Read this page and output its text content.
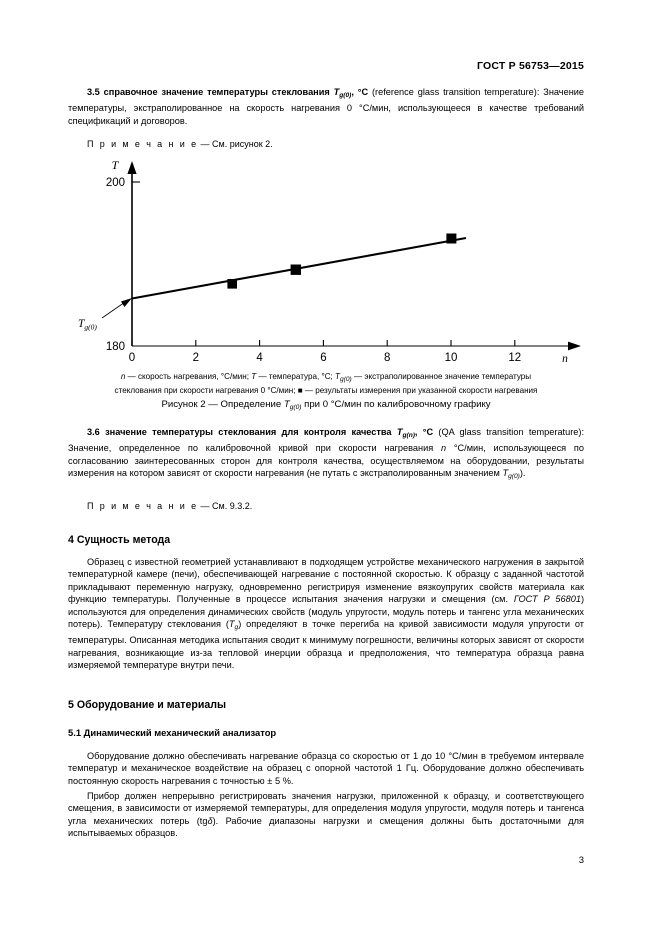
ГОСТ Р 56753—2015

3.5 справочное значение температуры стеклования $T_{g(0)}$, °C (reference glass transition temperature): Значение температуры, экстраполированное на скорость нагревания 0 °С/мин, использующееся в качестве требований спецификаций и договоров.

П р и м е ч а н и е — См. рисунок 2.

0	2	4	6	8	10	12	n
T
200
180
$T_{g(0)}$

n — скорость нагревания, °С/мин; T — температура, °С; $T_{g(0)}$ — экстраполированное значение температуры

стеклования при скорости нагревания 0 °С/мин; ■ — результаты измерения при указанной скорости нагревания

Рисунок 2 — Определение $T_{g(0)}$ при 0 °С/мин по калибровочному графику

3.6 значение температуры стеклования для контроля качества $T_{g(n)}$, °C (QA glass transition temperature): Значение, определенное по калибровочной кривой при скорости нагревания n °С/мин, использующееся по согласованию заинтересованных сторон для контроля качества, осуществляемом на оборудовании, результаты измерения на котором зависят от скорости нагревания (не путать с экстраполированным значением $T_{g(0)}$).

П р и м е ч а н и е — См. 9.3.2.

4 Сущность метода

Образец с известной геометрией устанавливают в подходящем устройстве механического нагружения в закрытой температурной камере (печи), обеспечивающей нагревание с постоянной скоростью. К образцу с заданной частотой прикладывают переменную нагрузку, одновременно регистрируя изменение вязкоупругих свойств материала как функцию температуры. Полученные в процессе испытания значения нагрузки и смещения (см. ГОСТ Р 56801) используются для определения динамических свойств (модуль упругости, модуль потерь и тангенс угла механических потерь). Температуру стеклования $(T_g)$ определяют в точке перегиба на кривой зависимости модуля упругости от температуры. Описанная методика испытания сводит к минимуму погрешности, величины которых зависят от скорости нагревания, возникающие из-за тепловой инерции образца и предположения, что температура образца равна измеряемой температуре внутри печи.

5 Оборудование и материалы
5.1 Динамический механический анализатор

Оборудование должно обеспечивать нагревание образца со скоростью от 1 до 10 °С/мин в требуемом интервале температур и механическое воздействие на образец с опорной частотой 1 Гц. Оборудование должно обеспечивать постоянную скорость нагревания с точностью ± 5 %.

Прибор должен непрерывно регистрировать значения нагрузки, приложенной к образцу, и соответствующего смещения, в зависимости от измеряемой температуры, для определения модуля упругости, модуля потерь и тангенса угла механических потерь (tgδ). Рабочие диапазоны нагрузки и смещения должны быть достаточными для испытываемых образцов.

3
